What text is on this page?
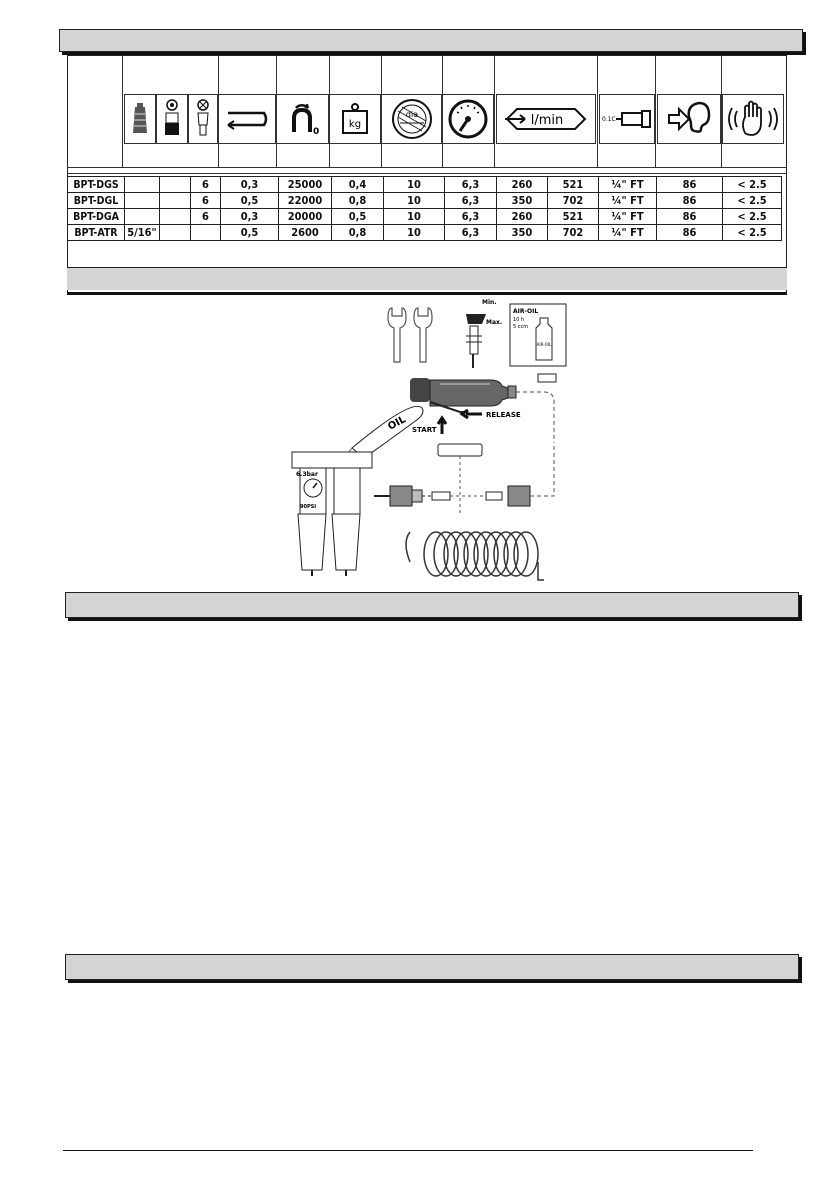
0
kg
dia	l/min	0.1C
BPT-DGS			6	0,3	25000	0,4	10	6,3	260	521	¼" FT	86	< 2.5
BPT-DGL			6	0,5	22000	0,8	10	6,3	350	702	¼" FT	86	< 2.5
BPT-DGA			6	0,3	20000	0,5	10	6,3	260	521	¼" FT	86	< 2.5
BPT-ATR	5/16"			0,5	2600	0,8	10	6,3	350	702	¼" FT	86	< 2.5
Min.
Max.
AIR-OIL
10 h
5 ccm
AIR-OIL
RELEASE
START
OIL
6.3bar
90PSI
